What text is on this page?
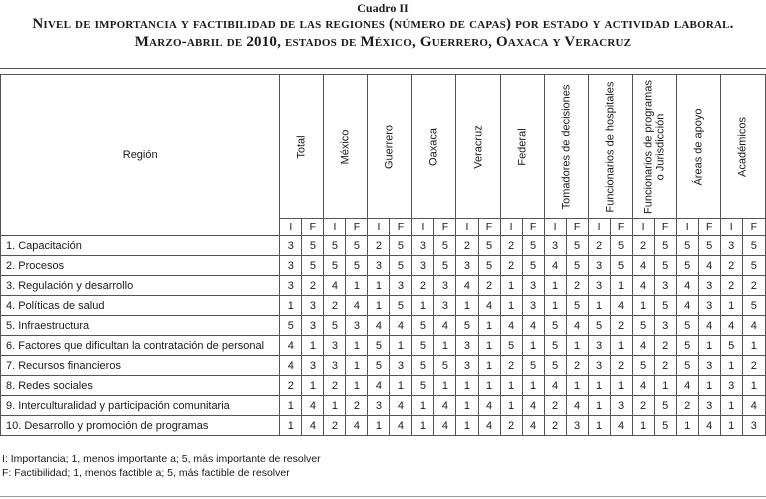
Cuadro II
Nivel de importancia y factibilidad de las regiones (número de capas) por estado y actividad laboral.
Marzo-abril de 2010, estados de México, Guerrero, Oaxaca y Veracruz
Región	Total		México		Guerrero		Oaxaca		Veracruz		Federal		Tomadores de decisiones		Funcionarios de hospitales		Funcionarios de programas o Jurisdicción		Áreas de apoyo		Académicos	

	I	F	I	F	I	F	I	F	I	F	I	F	I	F	I	F	I	F	I	F	I	F
1. Capacitación	3	5	5	5	2	5	3	5	2	5	2	5	3	5	2	5	2	5	5	5	3	5
2. Procesos	3	5	5	5	3	5	3	5	3	5	2	5	4	5	3	5	4	5	5	4	2	5
3. Regulación y desarrollo	3	2	4	1	1	3	2	3	4	2	1	3	1	2	3	1	4	3	4	3	2	2
4. Políticas de salud	1	3	2	4	1	5	1	3	1	4	1	3	1	5	1	4	1	5	4	3	1	5
5. Infraestructura	5	3	5	3	4	4	5	4	5	1	4	4	5	4	5	2	5	3	5	4	4	4
6. Factores que dificultan la contratación de personal	4	1	3	1	5	1	5	1	3	1	5	1	5	1	3	1	4	2	5	1	5	1
7. Recursos financieros	4	3	3	1	5	3	5	5	3	1	2	5	5	2	3	2	5	2	5	3	1	2
8. Redes sociales	2	1	2	1	4	1	5	1	1	1	1	1	4	1	1	1	4	1	4	1	3	1
9. Interculturalidad y participación comunitaria	1	4	1	2	3	4	1	4	1	4	1	4	2	4	1	3	2	5	2	3	1	4
10. Desarrollo y promoción de programas	1	4	2	4	1	4	1	4	1	4	2	4	2	3	1	4	1	5	1	4	1	3
I: Importancia; 1, menos importante a; 5, más importante de resolver
F: Factibilidad; 1, menos factible a; 5, más factible de resolver
